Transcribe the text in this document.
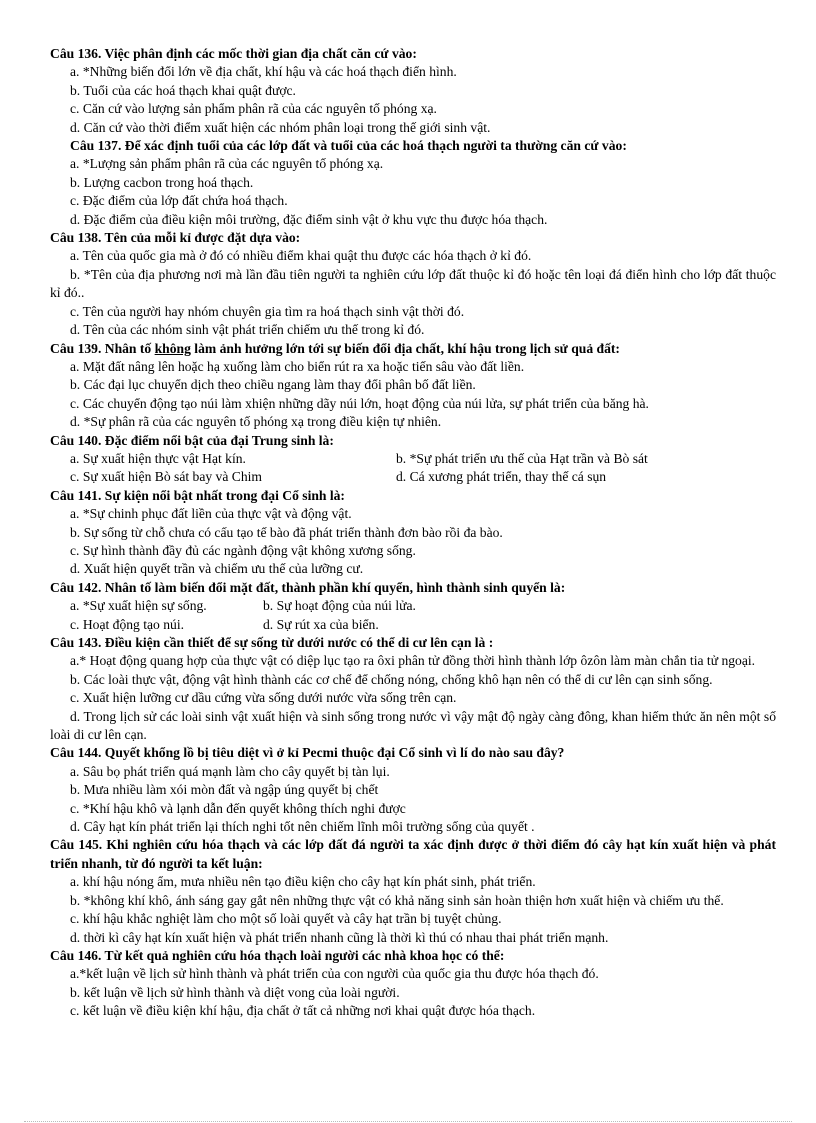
Câu 136. Việc phân định các mốc thời gian địa chất căn cứ vào:
a. *Những biến đổi lớn về địa chất, khí hậu và các hoá thạch điển hình.
b. Tuổi của các hoá thạch khai quật được.
c. Căn cứ vào lượng sản phẩm phân rã của các nguyên tố phóng xạ.
d. Căn cứ vào thời điểm xuất hiện các nhóm phân loại trong thế giới sinh vật.
Câu 137. Để xác định tuổi của các lớp đất và tuổi của các hoá thạch người ta thường căn cứ vào:
a. *Lượng sản phẩm phân rã của các nguyên tố phóng xạ.
b. Lượng cacbon trong hoá thạch.
c. Đặc điểm của lớp đất chứa hoá thạch.
d. Đặc điểm của điều kiện môi trường, đặc điểm sinh vật ở khu vực thu được hóa thạch.
Câu 138. Tên của mỗi kỉ được đặt dựa vào:
a. Tên của quốc gia mà ở đó có nhiều điểm khai quật thu được các hóa thạch ở kỉ đó.
b. *Tên của địa phương nơi mà lần đầu tiên người ta nghiên cứu lớp đất thuộc kỉ đó hoặc tên loại đá điển hình cho lớp đất thuộc kỉ đó..
c. Tên của người hay nhóm chuyên gia tìm ra hoá thạch sinh vật thời đó.
d. Tên của các nhóm sinh vật phát triển chiếm ưu thế trong kỉ đó.
Câu 139. Nhân tố không làm ảnh hưởng lớn tới sự biến đổi địa chất, khí hậu trong lịch sử quả đất:
a. Mặt đất nâng lên hoặc hạ xuống làm cho biển rút ra xa hoặc tiến sâu vào đất liền.
b. Các đại lục chuyển dịch theo chiều ngang làm thay đổi phân bố đất liền.
c. Các chuyển động tạo núi làm xhiện những dãy núi lớn, hoạt động của núi lửa, sự phát triển của băng hà.
d. *Sự phân rã của các nguyên tố phóng xạ trong điều kiện tự nhiên.
Câu 140. Đặc điểm nổi bật của đại Trung sinh là:
a. Sự xuất hiện thực vật Hạt kín.	b. *Sự phát triển ưu thế của Hạt trần và Bò sát
c. Sự xuất hiện Bò sát bay và Chim	d. Cá xương phát triển, thay thế cá sụn
Câu 141. Sự kiện nổi bật nhất trong đại Cổ sinh là:
a. *Sự chinh phục đất liền của thực vật và động vật.
b. Sự sống từ chỗ chưa có cấu tạo tế bào đã phát triển thành đơn bào rồi đa bào.
c. Sự hình thành đầy đủ các ngành động vật không xương sống.
d. Xuất hiện quyết trần và chiếm ưu thế của lưỡng cư.
Câu 142. Nhân tố làm biến đổi mặt đất, thành phần khí quyển, hình thành sinh quyển là:
a. *Sự xuất hiện sự sống.	b. Sự hoạt động của núi lửa.
c. Hoạt động tạo núi.	d. Sự rút xa của biển.
Câu 143. Điều kiện cần thiết để sự sống từ dưới nước có thể di cư lên cạn là :
a.* Hoạt động quang hợp của thực vật có diệp lục tạo ra ôxi phân tử đồng thời hình thành lớp ôzôn làm màn chắn tia tử ngoại.
b. Các loài thực vật, động vật hình thành các cơ chế để chống nóng, chống khô hạn nên có thể di cư lên cạn sinh sống.
c. Xuất hiện lưỡng cư dầu cứng vừa sống dưới nước vừa sống trên cạn.
d. Trong lịch sử các loài sinh vật xuất hiện và sinh sống trong nước vì vậy mật độ ngày càng đông, khan hiếm thức ăn nên một số loài di cư lên cạn.
Câu 144. Quyết khổng lồ bị tiêu diệt vì ở kỉ Pecmi thuộc đại Cổ sinh vì lí do nào sau đây?
a. Sâu bọ phát triển quá mạnh làm cho cây quyết bị tàn lụi.
b. Mưa nhiều làm xói mòn đất và ngập úng quyết bị chết
c. *Khí hậu khô và lạnh dẫn đến quyết không thích nghi được
d. Cây hạt kín phát triển lại thích nghi tốt nên chiếm lĩnh môi trường sống của quyết .
Câu 145. Khi nghiên cứu hóa thạch và các lớp đất đá người ta xác định được ở thời điểm đó cây hạt kín xuất hiện và phát triển nhanh, từ đó người ta kết luận:
a. khí hậu nóng ẩm, mưa nhiều nên tạo điều kiện cho cây hạt kín phát sinh, phát triển.
b. *không khí khô, ánh sáng gay gắt nên những thực vật có khả năng sinh sản hoàn thiện hơn xuất hiện và chiếm ưu thế.
c. khí hậu khắc nghiệt làm cho một số loài quyết và cây hạt trần bị tuyệt chủng.
d. thời kì cây hạt kín xuất hiện và phát triển nhanh cũng là thời kì thú có nhau thai phát triển mạnh.
Câu 146. Từ kết quả nghiên cứu hóa thạch loài người các nhà khoa học có thể:
a.*kết luận về lịch sử hình thành và phát triển của con người của quốc gia thu được hóa thạch đó.
b. kết luận về lịch sử hình thành và diệt vong của loài người.
c. kết luận về điều kiện khí hậu, địa chất ở tất cả những nơi khai quật được hóa thạch.
